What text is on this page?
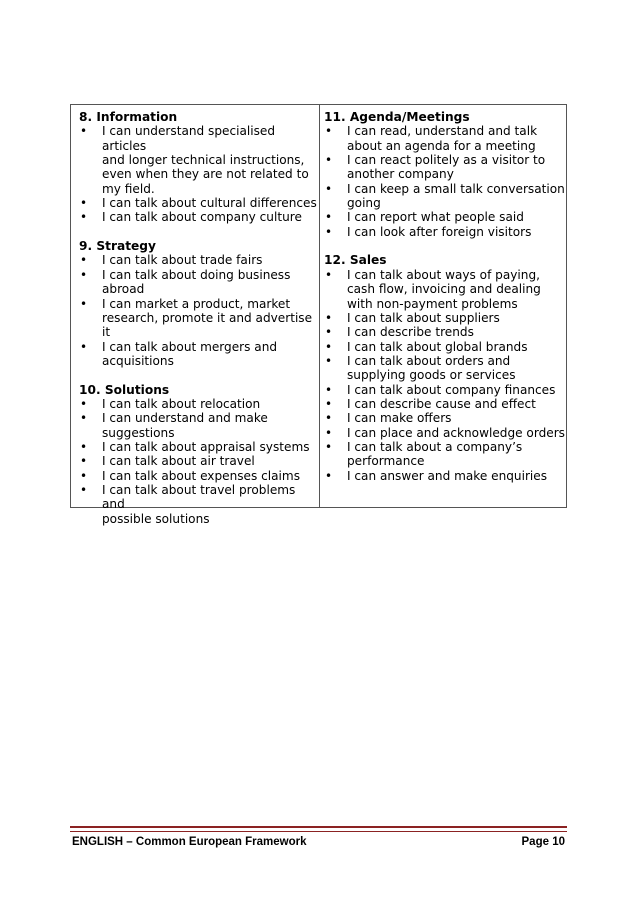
8. Information
• I can understand specialised articles
and longer technical instructions,
even when they are not related to
my field.
• I can talk about cultural differences
• I can talk about company culture
9. Strategy
• I can talk about trade fairs
• I can talk about doing business
abroad
• I can market a product, market
research, promote it and advertise
it
• I can talk about mergers and
acquisitions
10. Solutions
• I can talk about relocation
• I can understand and make
suggestions
• I can talk about appraisal systems
• I can talk about air travel
• I can talk about expenses claims
• I can talk about travel problems and
possible solutions
11. Agenda/Meetings
• I can read, understand and talk
about an agenda for a meeting
• I can react politely as a visitor to
another company
• I can keep a small talk conversation
going
• I can report what people said
• I can look after foreign visitors
12. Sales
• I can talk about ways of paying,
cash flow, invoicing and dealing
with non-payment problems
• I can talk about suppliers
• I can describe trends
• I can talk about global brands
• I can talk about orders and
supplying goods or services
• I can talk about company finances
• I can describe cause and effect
• I can make offers
• I can place and acknowledge orders
• I can talk about a company’s
performance
• I can answer and make enquiries
ENGLISH – Common European Framework	Page 10
